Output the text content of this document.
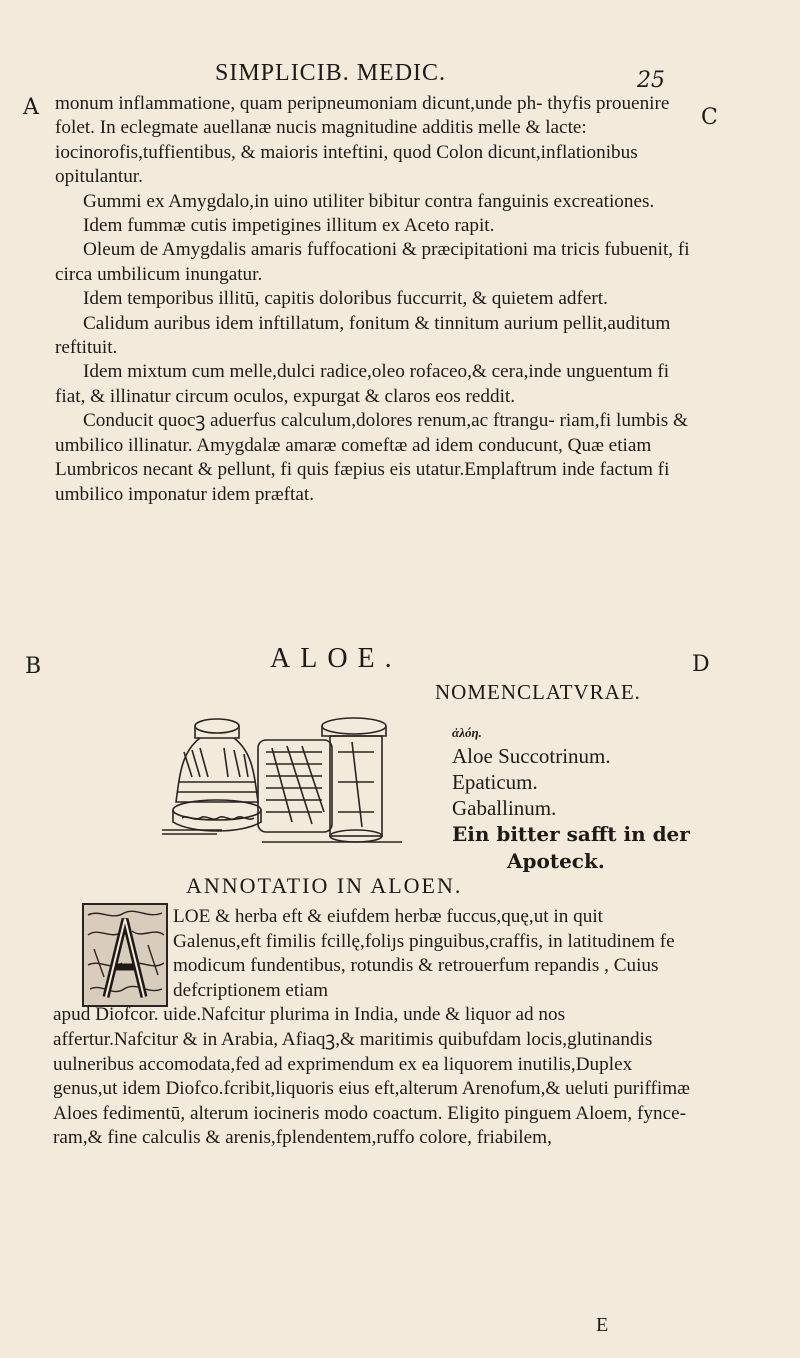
SIMPLICIB. MEDIC.	25
A	C
B	D

monum inflammatione, quam peripneumoniam dicunt,unde ph- thyfis prouenire folet. In eclegmate auellanæ nucis magnitudine additis melle & lacte: iocinorofis,tuffientibus, & maioris inteftini, quod Colon dicunt,inflationibus opitulantur.

Gummi ex Amygdalo,in uino utiliter bibitur contra fanguinis excreationes.

Idem fummæ cutis impetigines illitum ex Aceto rapit.

Oleum de Amygdalis amaris fuffocationi & præcipitationi ma tricis fubuenit, fi circa umbilicum inungatur.

Idem temporibus illitū, capitis doloribus fuccurrit, & quietem adfert.

Calidum auribus idem inftillatum, fonitum & tinnitum aurium pellit,auditum reftituit.

Idem mixtum cum melle,dulci radice,oleo rofaceo,& cera,inde unguentum fi fiat, & illinatur circum oculos, expurgat & claros eos reddit.

Conducit quocꝫ aduerfus calculum,dolores renum,ac ftrangu- riam,fi lumbis & umbilico illinatur. Amygdalæ amaræ comeftæ ad idem conducunt, Quæ etiam Lumbricos necant & pellunt, fi quis fæpius eis utatur.Emplaftrum inde factum fi umbilico imponatur idem præftat.

ALOE.
NOMENCLATVRAE.
ἀλόη.
Aloe Succotrinum.
Epaticum.
Gaballinum.
Ein bitter safft in der
Apoteck.
ANNOTATIO IN ALOEN.
LOE & herba eft & eiufdem herbæ fuccus,quę,ut in quit Galenus,eft fimilis fcillę,foliȷs pinguibus,craffis, in latitudinem fe modicum fundentibus, rotundis & retrouerfum repandis , Cuius defcriptionem etiam
apud Diofcor. uide.Nafcitur plurima in India, unde & liquor ad nos affertur.Nafcitur & in Arabia, Afiaqꝫ,& maritimis quibufdam locis,glutinandis uulneribus accomodata,fed ad exprimendum ex ea liquorem inutilis,Duplex genus,ut idem Diofco.fcribit,liquoris eius eft,alterum Arenofum,& ueluti puriffimæ Aloes fedimentū, alterum iocineris modo coactum. Eligito pinguem Aloem, fynce- ram,& fine calculis & arenis,fplendentem,ruffo colore, friabilem,
E
